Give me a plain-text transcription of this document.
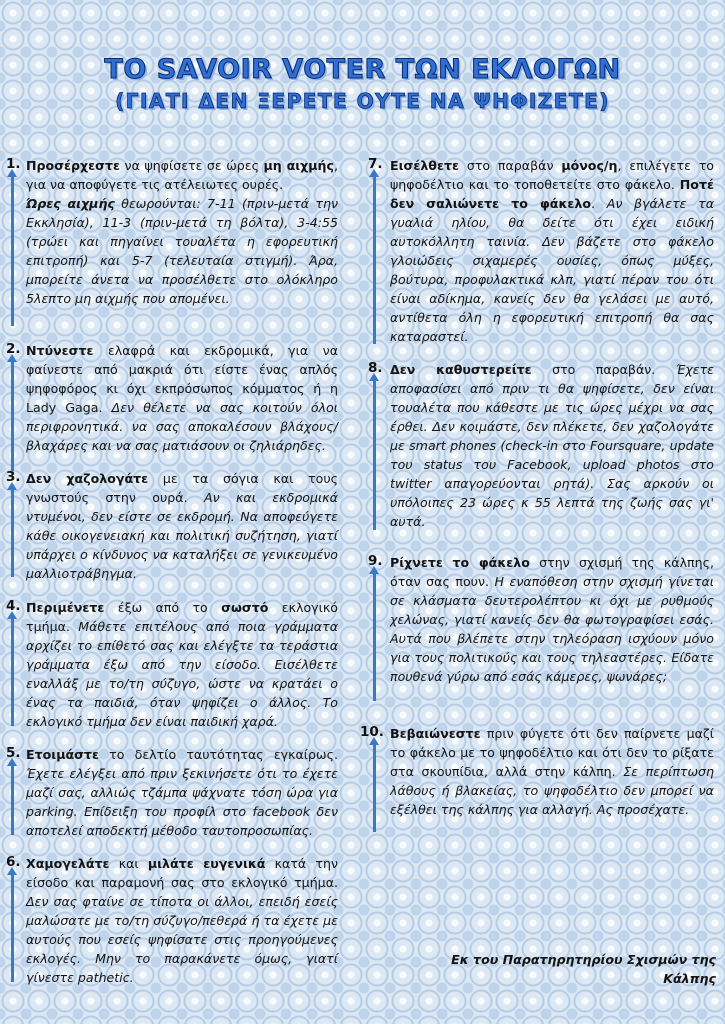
ΤΟ SAVOIR VOTER ΤΩΝ ΕΚΛΟΓΩΝ
(ΓΙΑΤΙ ΔΕΝ ΞΕΡΕΤΕ ΟΥΤΕ ΝΑ ΨΗΦΙΖΕΤΕ)
1. Προσέρχεστε να ψηφίσετε σε ώρες μη αιχμής, για να αποφύγετε τις ατέλειωτες ουρές.
Ώρες αιχμής θεωρούνται: 7-11 (πριν-μετά την Εκκλησία), 11-3 (πριν-μετά τη βόλτα), 3-4:55 (τρώει και πηγαίνει τουαλέτα η εφορευτική επιτροπή) και 5-7 (τελευταία στιγμή). Άρα, μπορείτε άνετα να προσέλθετε στο ολόκληρο 5λεπτο μη αιχμής που απομένει.
2. Ντύνεστε ελαφρά και εκδρομικά, για να φαίνεστε από μακριά ότι είστε ένας απλός ψηφοφόρος κι όχι εκπρόσωπος κόμματος ή η Lady Gaga. Δεν θέλετε να σας κοιτούν όλοι περιφρονητικά. να σας αποκαλέσουν βλάχους/ βλαχάρες και να σας ματιάσουν οι ζηλιάρηδες.
3. Δεν χαζολογάτε με τα σόγια και τους γνωστούς στην ουρά. Αν και εκδρομικά ντυμένοι, δεν είστε σε εκδρομή. Να αποφεύγετε κάθε οικογενειακή και πολιτική συζήτηση, γιατί υπάρχει ο κίνδυνος να καταλήξει σε γενικευμένο μαλλιοτράβηγμα.
4. Περιμένετε έξω από το σωστό εκλογικό τμήμα. Μάθετε επιτέλους από ποια γράμματα αρχίζει το επίθετό σας και ελέγξτε τα τεράστια γράμματα έξω από την είσοδο. Εισέλθετε εναλλάξ με το/τη σύζυγο, ώστε να κρατάει ο ένας τα παιδιά, όταν ψηφίζει ο άλλος. Το εκλογικό τμήμα δεν είναι παιδική χαρά.
5. Ετοιμάστε το δελτίο ταυτότητας εγκαίρως. Έχετε ελέγξει από πριν ξεκινήσετε ότι το έχετε μαζί σας, αλλιώς τζάμπα ψάχνατε τόση ώρα για parking. Επίδειξη του προφίλ στο facebook δεν αποτελεί αποδεκτή μέθοδο ταυτοπροσωπίας.
6. Χαμογελάτε και μιλάτε ευγενικά κατά την είσοδο και παραμονή σας στο εκλογικό τμήμα. Δεν σας φταίνε σε τίποτα οι άλλοι, επειδή εσείς μαλώσατε με το/τη σύζυγο/πεθερά ή τα έχετε με αυτούς που εσείς ψηφίσατε στις προηγούμενες εκλογές. Μην το παρακάνετε όμως, γιατί γίνεστε pathetic.
7. Εισέλθετε στο παραβάν μόνος/η, επιλέγετε το ψηφοδέλτιο και το τοποθετείτε στο φάκελο. Ποτέ δεν σαλιώνετε το φάκελο. Αν βγάλετε τα γυαλιά ηλίου, θα δείτε ότι έχει ειδική αυτοκόλλητη ταινία. Δεν βάζετε στο φάκελο γλοιώδεις σιχαμερές ουσίες, όπως μύξες, βούτυρα, προφυλακτικά κλπ, γιατί πέραν του ότι είναι αδίκημα, κανείς δεν θα γελάσει με αυτό, αντίθετα όλη η εφορευτική επιτροπή θα σας καταραστεί.
8. Δεν καθυστερείτε στο παραβάν. Έχετε αποφασίσει από πριν τι θα ψηφίσετε, δεν είναι τουαλέτα που κάθεστε με τις ώρες μέχρι να σας έρθει. Δεν κοιμάστε, δεν πλέκετε, δεν χαζολογάτε με smart phones (check-in στο Foursquare, update του status του Facebook, upload photos στο twitter απαγορεύονται ρητά). Σας αρκούν οι υπόλοιπες 23 ώρες κ 55 λεπτά της ζωής σας γι' αυτά.
9. Ρίχνετε το φάκελο στην σχισμή της κάλπης, όταν σας πουν. Η εναπόθεση στην σχισμή γίνεται σε κλάσματα δευτερολέπτου κι όχι με ρυθμούς χελώνας, γιατί κανείς δεν θα φωτογραφίσει εσάς. Αυτά που βλέπετε στην τηλεόραση ισχύουν μόνο για τους πολιτικούς και τους τηλεαστέρες. Είδατε πουθενά γύρω από εσάς κάμερες, ψωνάρες;
10. Βεβαιώνεστε πριν φύγετε ότι δεν παίρνετε μαζί το φάκελο με το ψηφοδέλτιο και ότι δεν το ρίξατε στα σκουπίδια, αλλά στην κάλπη. Σε περίπτωση λάθους ή βλακείας, το ψηφοδέλτιο δεν μπορεί να εξέλθει της κάλπης για αλλαγή. Ας προσέχατε.
Εκ του Παρατηρητηρίου Σχισμών της Κάλπης
